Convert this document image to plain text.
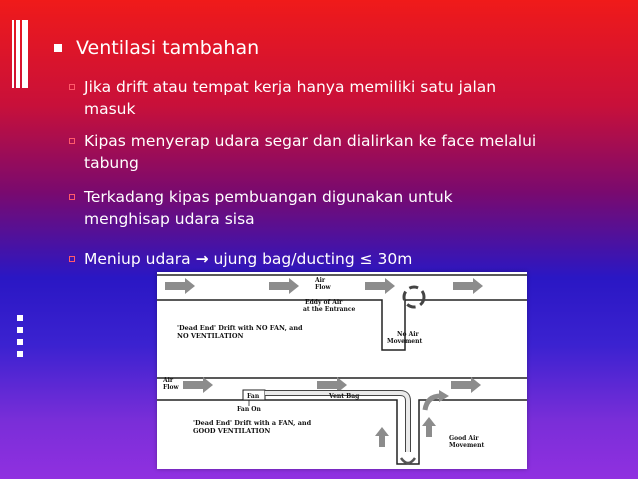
Ventilasi tambahan
Jika drift atau tempat kerja hanya memiliki satu jalan
masuk
Kipas menyerap udara segar dan dialirkan ke face melalui
tabung
Terkadang kipas pembuangan digunakan untuk
menghisap udara sisa
Meniup udara → ujung bag/ducting ≤ 30m
Air
Flow
Eddy of Air
at the Entrance
'Dead End' Drift with NO FAN, and
NO VENTILATION	No Air
Movement
Air
Flow
Fan	Vent Bag
Fan On
'Dead End' Drift with a FAN, and
GOOD VENTILATION
Good Air
Movement
